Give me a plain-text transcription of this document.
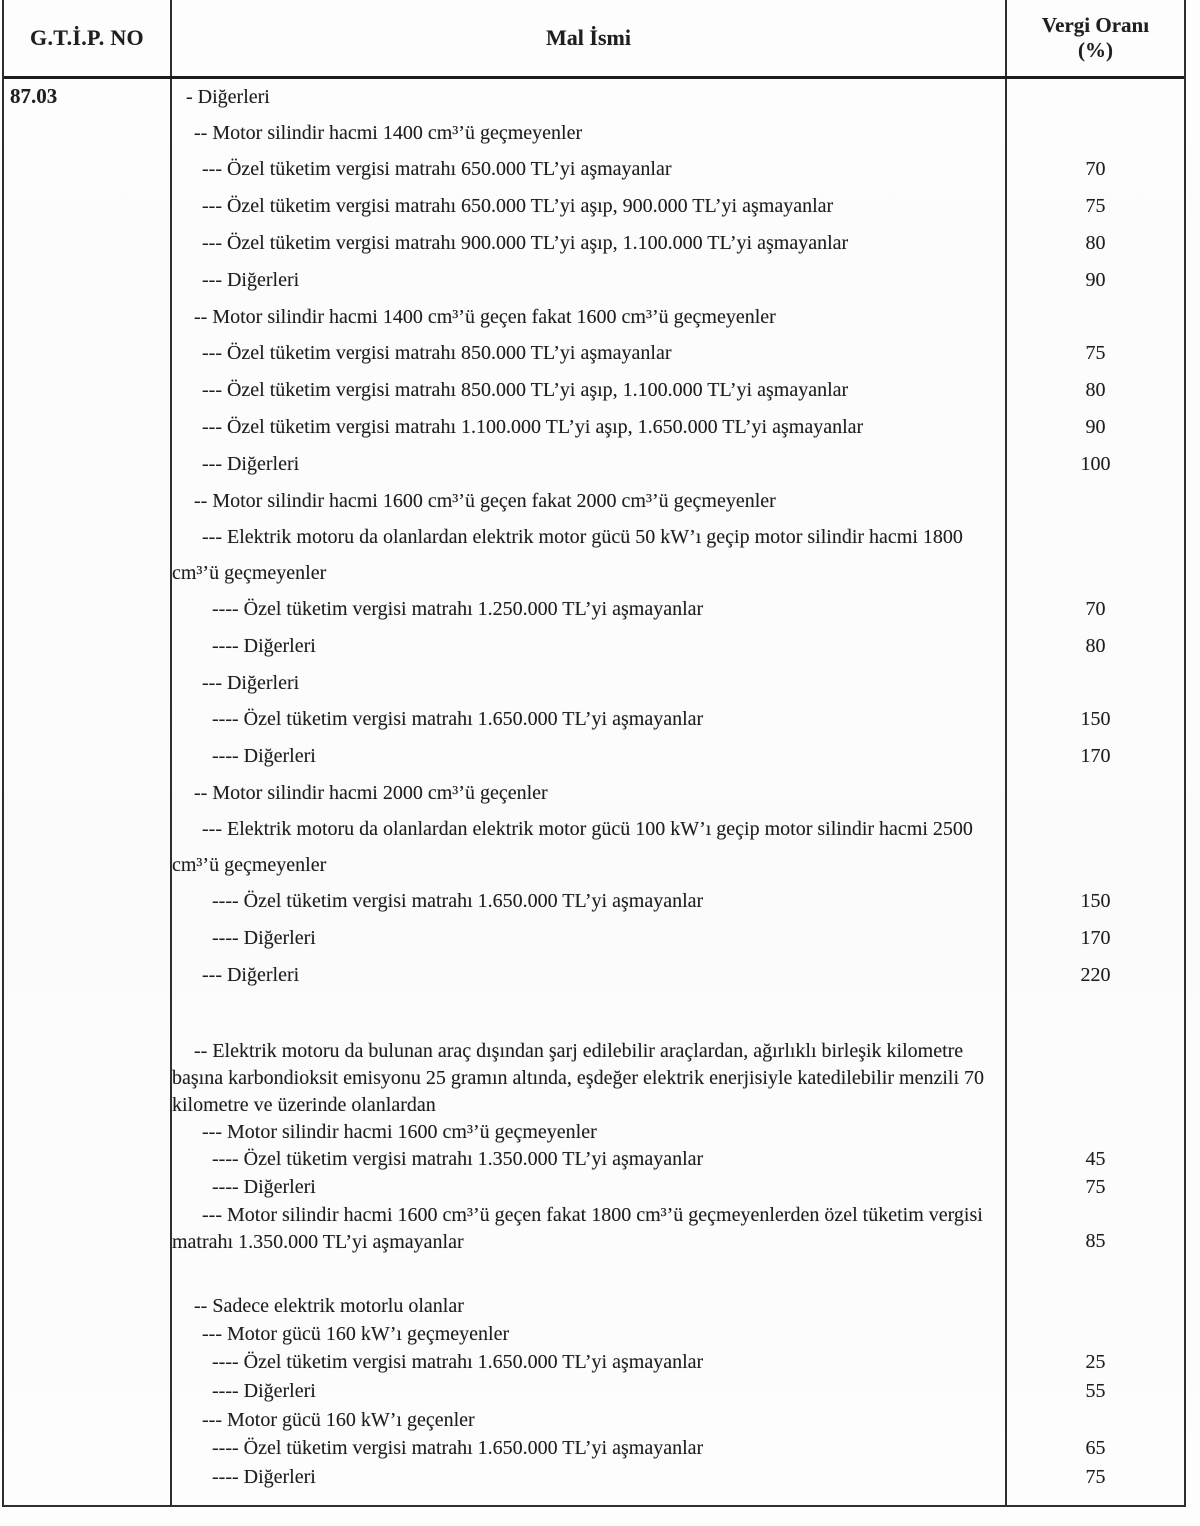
G.T.İ.P. NO	Mal İsmi	Vergi Oranı
(%)
87.03	- Diğerleri
-- Motor silindir hacmi 1400 cm³’ü geçmeyenler
--- Özel tüketim vergisi matrahı 650.000 TL’yi aşmayanlar	70
--- Özel tüketim vergisi matrahı 650.000 TL’yi aşıp, 900.000 TL’yi aşmayanlar	75
--- Özel tüketim vergisi matrahı 900.000 TL’yi aşıp, 1.100.000 TL’yi aşmayanlar	80
--- Diğerleri	90
-- Motor silindir hacmi 1400 cm³’ü geçen fakat 1600 cm³’ü geçmeyenler
--- Özel tüketim vergisi matrahı 850.000 TL’yi aşmayanlar	75
--- Özel tüketim vergisi matrahı 850.000 TL’yi aşıp, 1.100.000 TL’yi aşmayanlar	80
--- Özel tüketim vergisi matrahı 1.100.000 TL’yi aşıp, 1.650.000 TL’yi aşmayanlar	90
--- Diğerleri	100
-- Motor silindir hacmi 1600 cm³’ü geçen fakat 2000 cm³’ü geçmeyenler
--- Elektrik motoru da olanlardan elektrik motor gücü 50 kW’ı geçip motor silindir hacmi 1800 cm³’ü geçmeyenler
---- Özel tüketim vergisi matrahı 1.250.000 TL’yi aşmayanlar	70
---- Diğerleri	80
--- Diğerleri
---- Özel tüketim vergisi matrahı 1.650.000 TL’yi aşmayanlar	150
---- Diğerleri	170
-- Motor silindir hacmi 2000 cm³’ü geçenler
--- Elektrik motoru da olanlardan elektrik motor gücü 100 kW’ı geçip motor silindir hacmi 2500 cm³’ü geçmeyenler
---- Özel tüketim vergisi matrahı 1.650.000 TL’yi aşmayanlar	150
---- Diğerleri	170
--- Diğerleri	220
-- Elektrik motoru da bulunan araç dışından şarj edilebilir araçlardan, ağırlıklı birleşik kilometre başına karbondioksit emisyonu 25 gramın altında, eşdeğer elektrik enerjisiyle katedilebilir menzili 70 kilometre ve üzerinde olanlardan
--- Motor silindir hacmi 1600 cm³’ü geçmeyenler
---- Özel tüketim vergisi matrahı 1.350.000 TL’yi aşmayanlar	45
---- Diğerleri	75
--- Motor silindir hacmi 1600 cm³’ü geçen fakat 1800 cm³’ü geçmeyenlerden özel tüketim vergisi matrahı 1.350.000 TL’yi aşmayanlar	85
-- Sadece elektrik motorlu olanlar
--- Motor gücü 160 kW’ı geçmeyenler
---- Özel tüketim vergisi matrahı 1.650.000 TL’yi aşmayanlar	25
---- Diğerleri	55
--- Motor gücü 160 kW’ı geçenler
---- Özel tüketim vergisi matrahı 1.650.000 TL’yi aşmayanlar	65
---- Diğerleri	75
